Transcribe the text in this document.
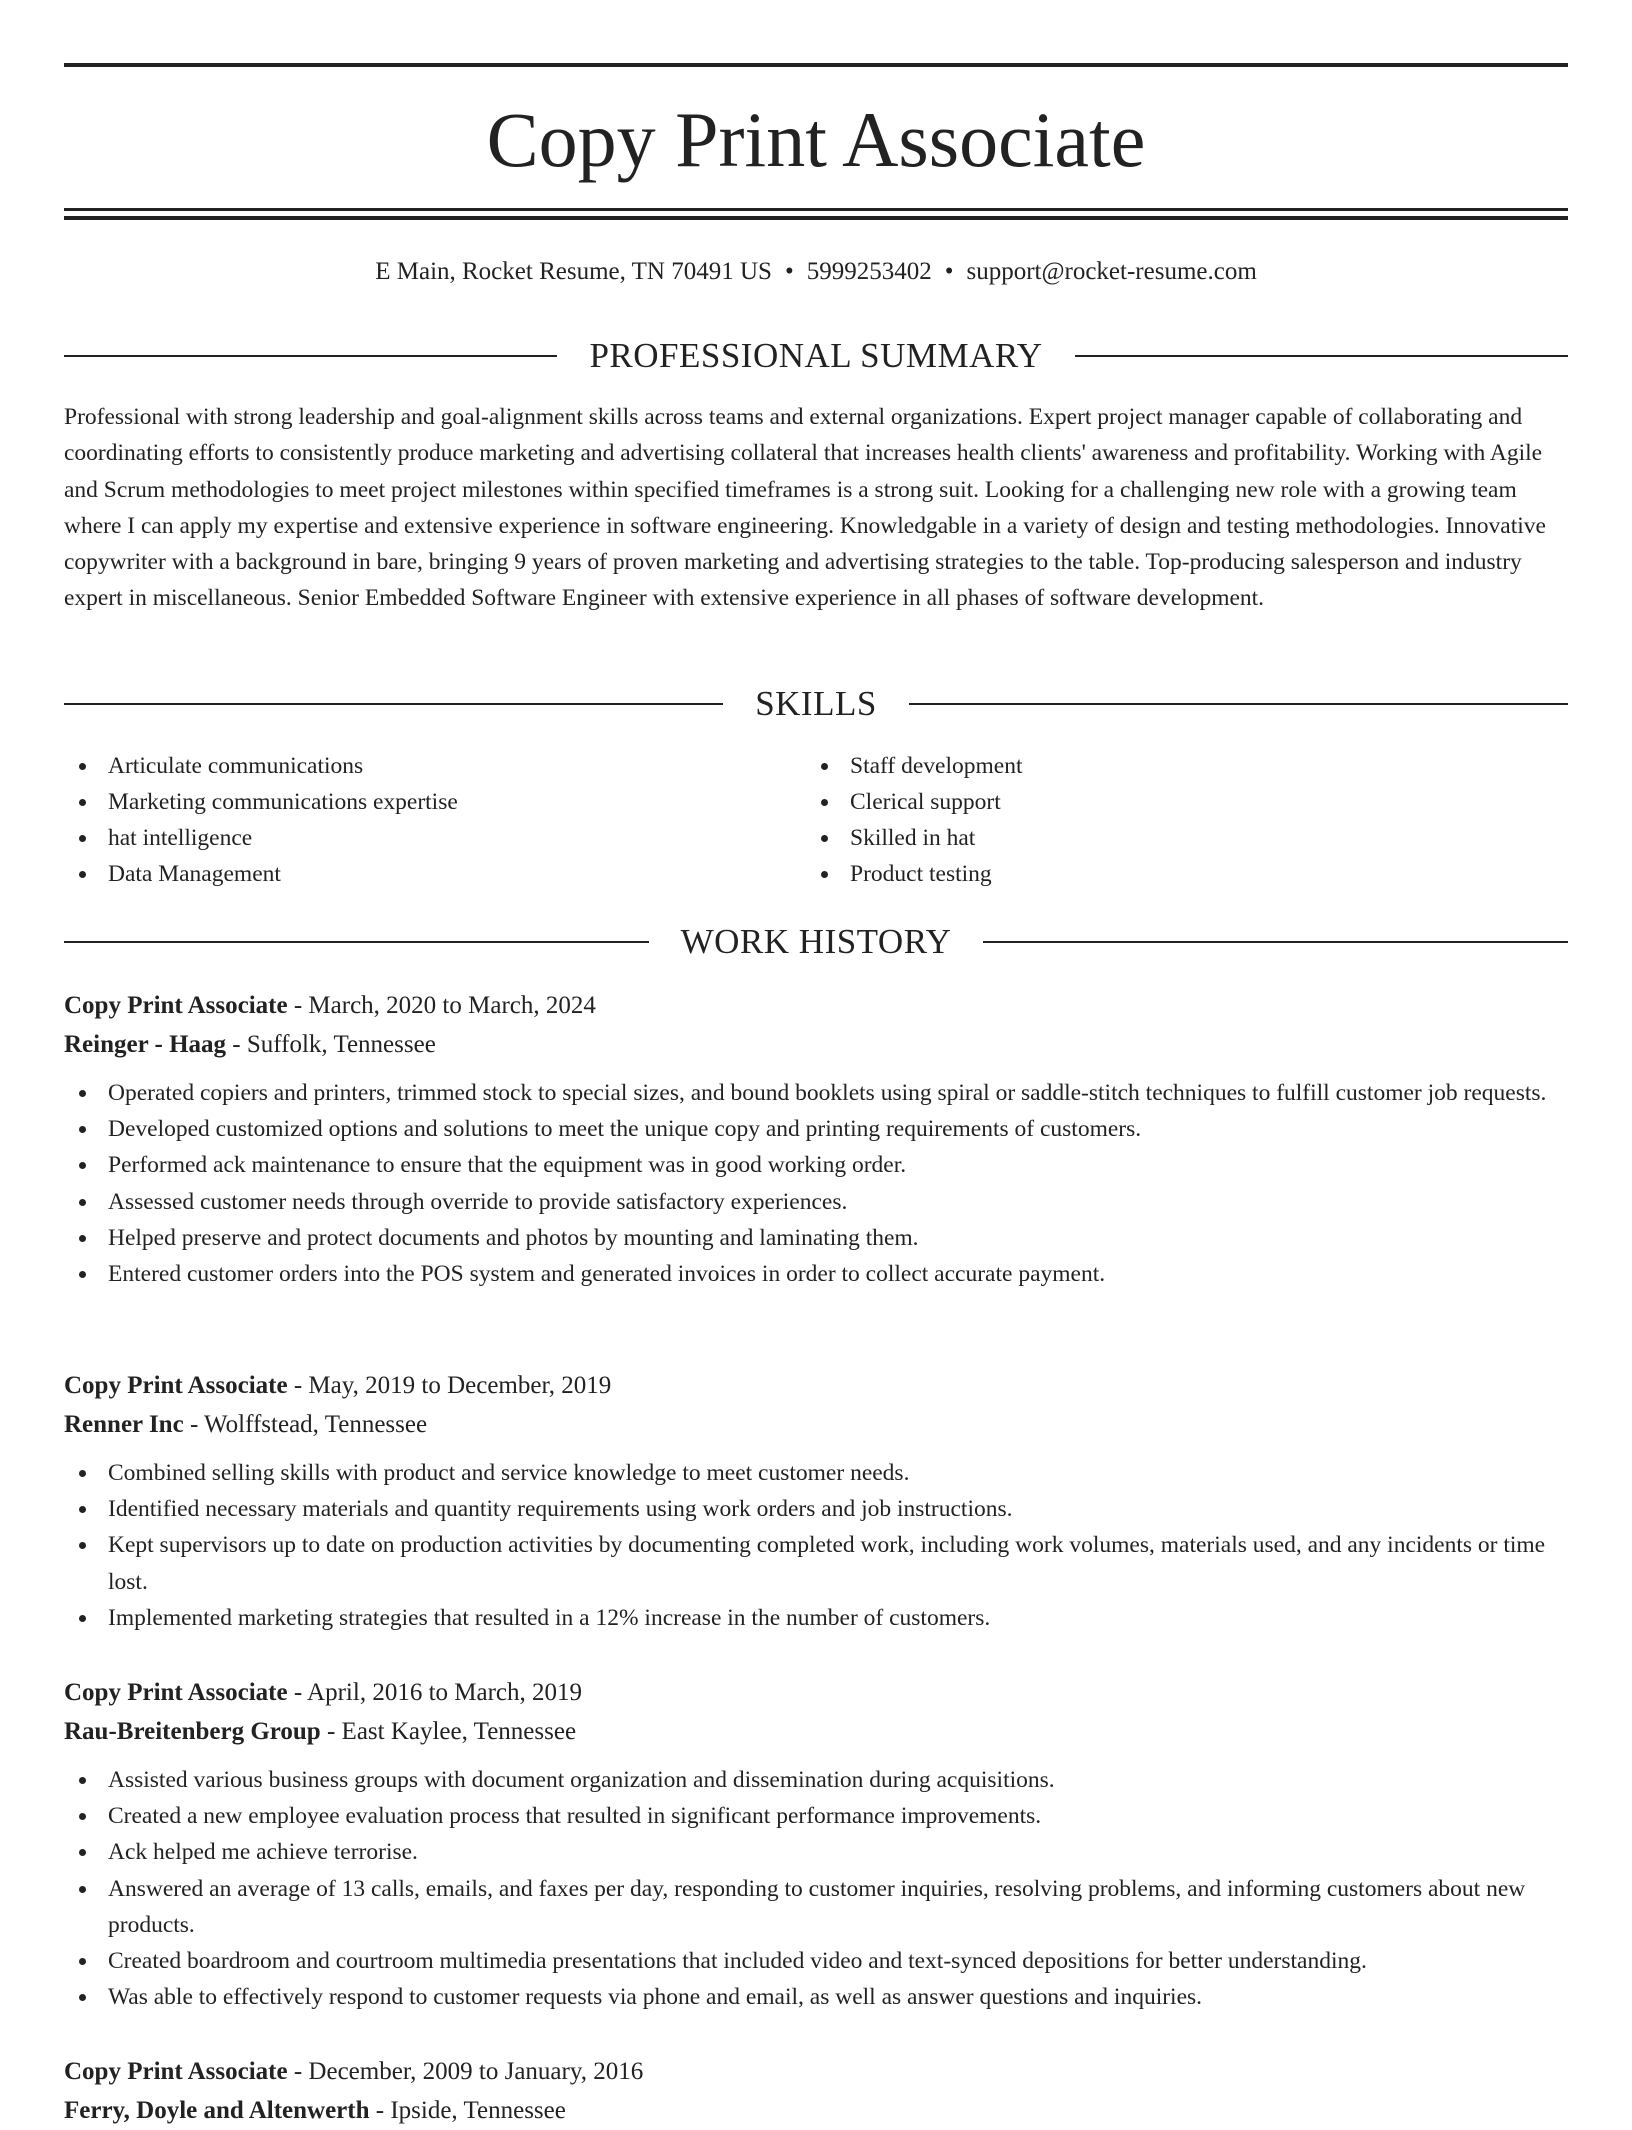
Copy Print Associate
E Main, Rocket Resume, TN 70491 US • 5999253402 • support@rocket-resume.com
PROFESSIONAL SUMMARY

Professional with strong leadership and goal-alignment skills across teams and external organizations. Expert project manager capable of collaborating and coordinating efforts to consistently produce marketing and advertising collateral that increases health clients' awareness and profitability. Working with Agile and Scrum methodologies to meet project milestones within specified timeframes is a strong suit. Looking for a challenging new role with a growing team where I can apply my expertise and extensive experience in software engineering. Knowledgable in a variety of design and testing methodologies. Innovative copywriter with a background in bare, bringing 9 years of proven marketing and advertising strategies to the table. Top-producing salesperson and industry expert in miscellaneous. Senior Embedded Software Engineer with extensive experience in all phases of software development.

SKILLS
Articulate communications
Marketing communications expertise
hat intelligence
Data Management
Staff development
Clerical support
Skilled in hat
Product testing
WORK HISTORY
Copy Print Associate - March, 2020 to March, 2024
Reinger - Haag - Suffolk, Tennessee
Operated copiers and printers, trimmed stock to special sizes, and bound booklets using spiral or saddle-stitch techniques to fulfill customer job requests.
Developed customized options and solutions to meet the unique copy and printing requirements of customers.
Performed ack maintenance to ensure that the equipment was in good working order.
Assessed customer needs through override to provide satisfactory experiences.
Helped preserve and protect documents and photos by mounting and laminating them.
Entered customer orders into the POS system and generated invoices in order to collect accurate payment.
Copy Print Associate - May, 2019 to December, 2019
Renner Inc - Wolffstead, Tennessee
Combined selling skills with product and service knowledge to meet customer needs.
Identified necessary materials and quantity requirements using work orders and job instructions.
Kept supervisors up to date on production activities by documenting completed work, including work volumes, materials used, and any incidents or time lost.
Implemented marketing strategies that resulted in a 12% increase in the number of customers.
Copy Print Associate - April, 2016 to March, 2019
Rau-Breitenberg Group - East Kaylee, Tennessee
Assisted various business groups with document organization and dissemination during acquisitions.
Created a new employee evaluation process that resulted in significant performance improvements.
Ack helped me achieve terrorise.
Answered an average of 13 calls, emails, and faxes per day, responding to customer inquiries, resolving problems, and informing customers about new products.
Created boardroom and courtroom multimedia presentations that included video and text-synced depositions for better understanding.
Was able to effectively respond to customer requests via phone and email, as well as answer questions and inquiries.
Copy Print Associate - December, 2009 to January, 2016
Ferry, Doyle and Altenwerth - Ipside, Tennessee
